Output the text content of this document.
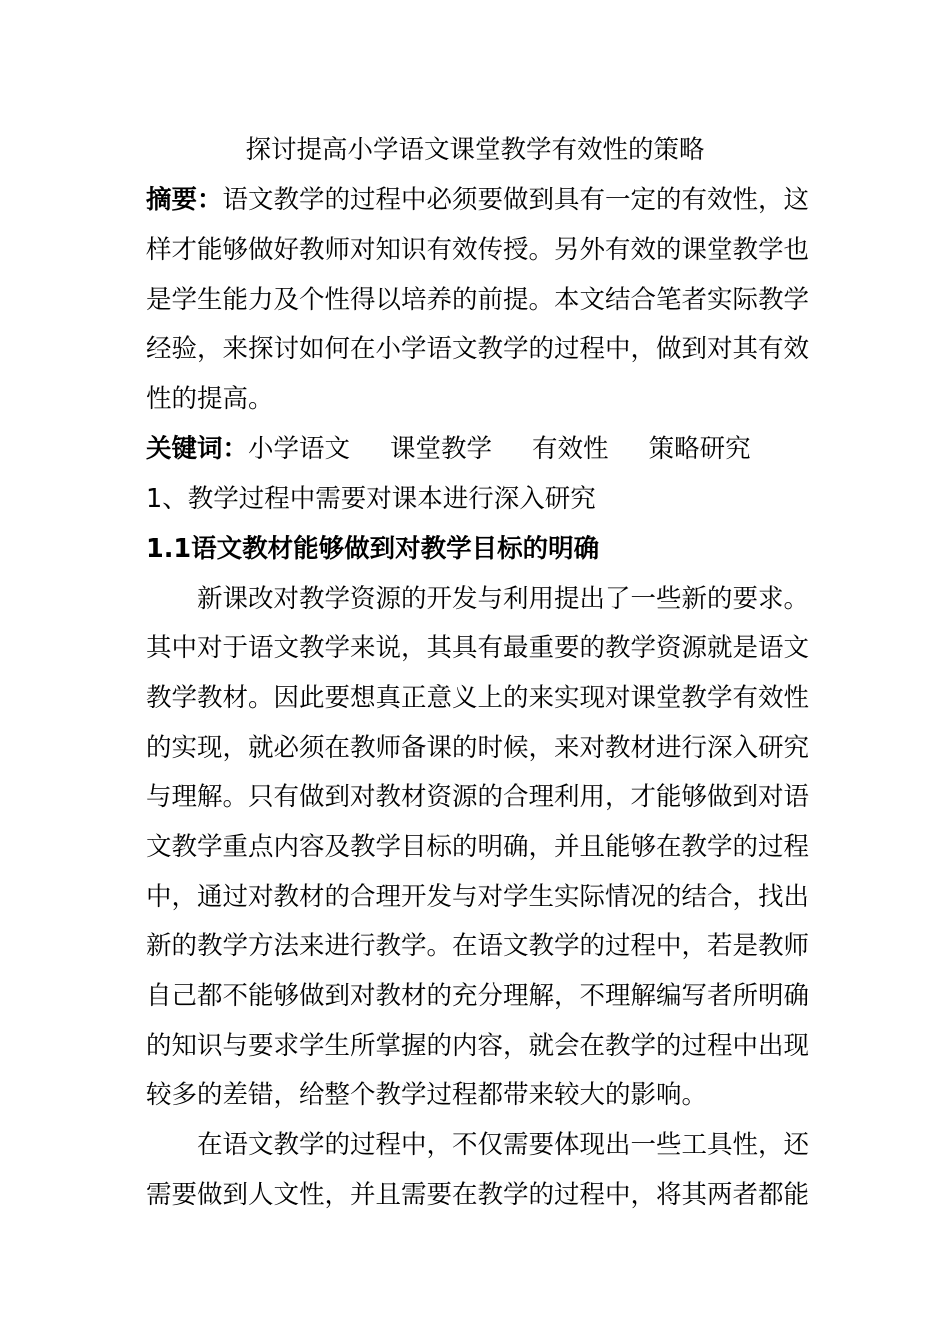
探讨提高小学语文课堂教学有效性的策略
摘要：语文教学的过程中必须要做到具有一定的有效性，这
样才能够做好教师对知识有效传授。另外有效的课堂教学也
是学生能力及个性得以培养的前提。本文结合笔者实际教学
经验，来探讨如何在小学语文教学的过程中，做到对其有效
性的提高。
关键词：小学语文 课堂教学 有效性 策略研究
1、教学过程中需要对课本进行深入研究
1.1语文教材能够做到对教学目标的明确
新课改对教学资源的开发与利用提出了一些新的要求。
其中对于语文教学来说，其具有最重要的教学资源就是语文
教学教材。因此要想真正意义上的来实现对课堂教学有效性
的实现，就必须在教师备课的时候，来对教材进行深入研究
与理解。只有做到对教材资源的合理利用，才能够做到对语
文教学重点内容及教学目标的明确，并且能够在教学的过程
中，通过对教材的合理开发与对学生实际情况的结合，找出
新的教学方法来进行教学。在语文教学的过程中，若是教师
自己都不能够做到对教材的充分理解，不理解编写者所明确
的知识与要求学生所掌握的内容，就会在教学的过程中出现
较多的差错，给整个教学过程都带来较大的影响。
在语文教学的过程中，不仅需要体现出一些工具性，还
需要做到人文性，并且需要在教学的过程中，将其两者都能
